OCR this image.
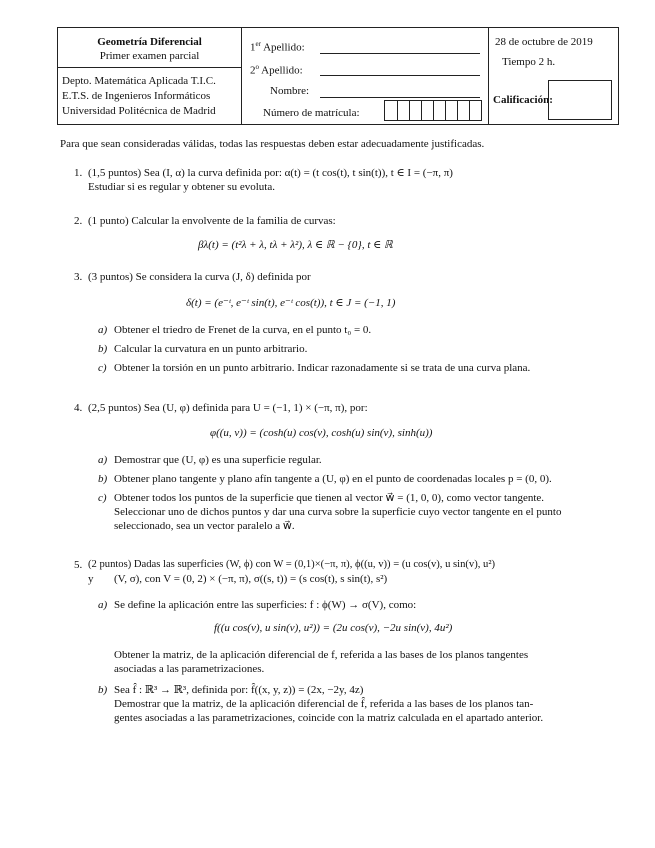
Geometría Diferencial
Primer examen parcial
Depto. Matemática Aplicada T.I.C.
E.T.S. de Ingenieros Informáticos
Universidad Politécnica de Madrid
1er Apellido:
2$^o$ Apellido:
Nombre:
Número de matrícula:
28 de octubre de 2019
Tiempo 2 h.
Calificación:
Para que sean consideradas válidas, todas las respuestas deben estar adecuadamente justificadas.
1. (1,5 puntos) Sea (I, α) la curva definida por: α(t) = (t cos(t), t sin(t)), t ∈ I = (−π, π)
Estudiar si es regular y obtener su evoluta.
2. (1 punto) Calcular la envolvente de la familia de curvas:
βλ(t) = (t²λ + λ, tλ + λ²), λ ∈ ℝ − {0}, t ∈ ℝ
3. (3 puntos) Se considera la curva (J, δ) definida por
δ(t) = (e⁻ᵗ, e⁻ᵗ sin(t), e⁻ᵗ cos(t)), t ∈ J = (−1, 1)
a) Obtener el triedro de Frenet de la curva, en el punto t₀ = 0.
b) Calcular la curvatura en un punto arbitrario.
c) Obtener la torsión en un punto arbitrario. Indicar razonadamente si se trata de una curva plana.
4. (2,5 puntos) Sea (U, φ) definida para U = (−1, 1) × (−π, π), por:
φ((u, v)) = (cosh(u) cos(v), cosh(u) sin(v), sinh(u))
a) Demostrar que (U, φ) es una superficie regular.
b) Obtener plano tangente y plano afín tangente a (U, φ) en el punto de coordenadas locales p = (0, 0).
c) Obtener todos los puntos de la superficie que tienen al vector w⃗ = (1, 0, 0), como vector tangente.
Seleccionar uno de dichos puntos y dar una curva sobre la superficie cuyo vector tangente en el punto
seleccionado, sea un vector paralelo a w⃗.
5. (2 puntos) Dadas las superficies (W, ϕ) con W = (0,1)×(−π, π), ϕ((u, v)) = (u cos(v), u sin(v), u²)
y (V, σ), con V = (0, 2) × (−π, π), σ((s, t)) = (s cos(t), s sin(t), s²)
a) Se define la aplicación entre las superficies: f : ϕ(W) → σ(V), como:
f((u cos(v), u sin(v), u²)) = (2u cos(v), −2u sin(v), 4u²)
Obtener la matriz, de la aplicación diferencial de f, referida a las bases de los planos tangentes
asociadas a las parametrizaciones.
b) Sea f̂ : ℝ³ → ℝ³, definida por: f̂((x, y, z)) = (2x, −2y, 4z)
Demostrar que la matriz, de la aplicación diferencial de f̂, referida a las bases de los planos tan-
gentes asociadas a las parametrizaciones, coincide con la matriz calculada en el apartado anterior.
